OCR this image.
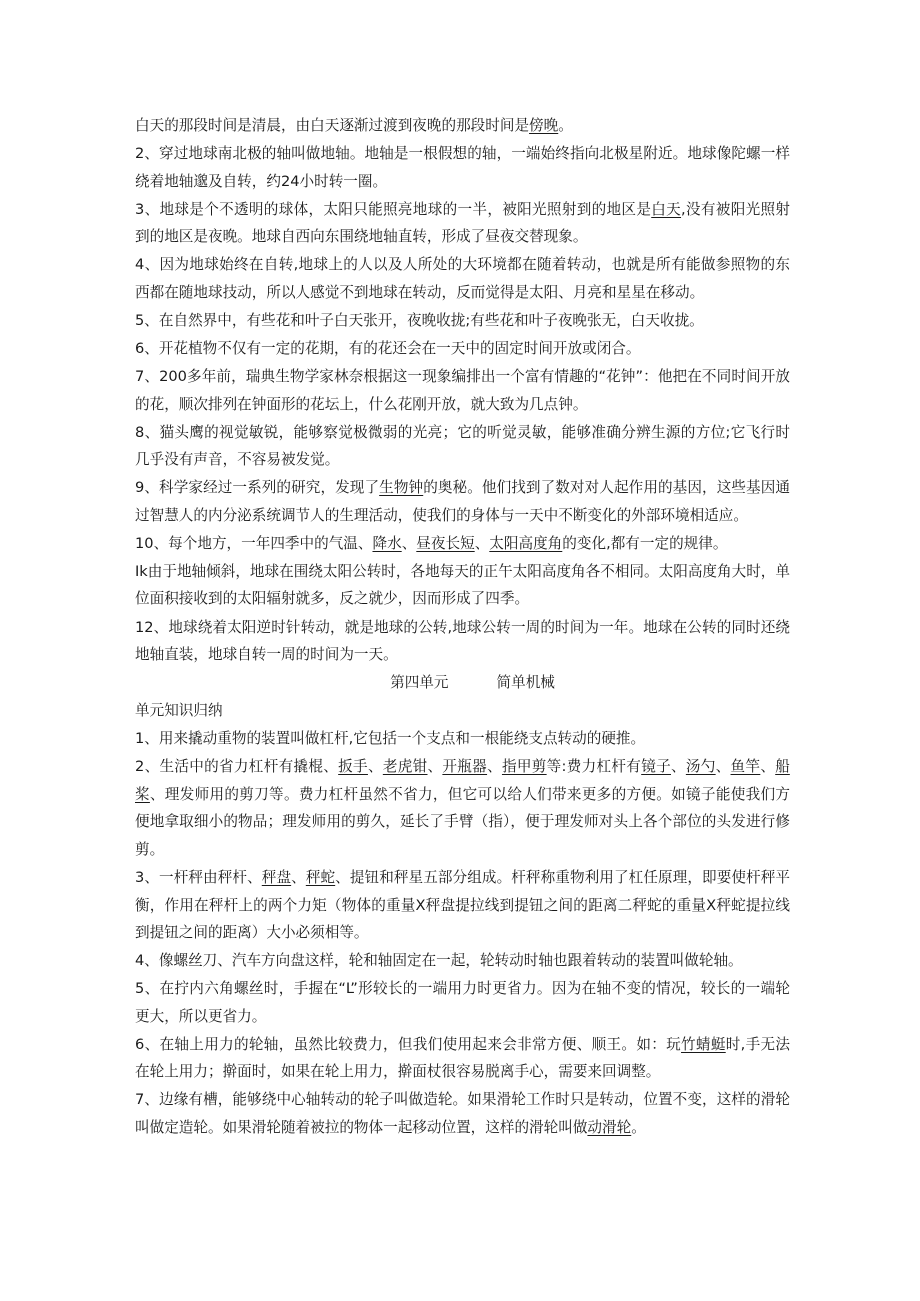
白天的那段时间是清晨，由白天逐渐过渡到夜晚的那段时间是傍晚。

2、穿过地球南北极的轴叫做地轴。地轴是一根假想的轴，一端始终指向北极星附近。地球像陀螺一样绕着地轴邈及自转，约24小时转一圈。

3、地球是个不透明的球体，太阳只能照亮地球的一半，被阳光照射到的地区是白天,没有被阳光照射到的地区是夜晚。地球自西向东围绕地轴直转，形成了昼夜交替现象。

4、因为地球始终在自转,地球上的人以及人所处的大环境都在随着转动，也就是所有能做参照物的东西都在随地球技动，所以人感觉不到地球在转动，反而觉得是太阳、月亮和星星在移动。

5、在自然界中，有些花和叶子白天张开，夜晚收拢;有些花和叶子夜晚张无，白天收拢。

6、开花植物不仅有一定的花期，有的花还会在一天中的固定时间开放或闭合。

7、200多年前，瑞典生物学家林奈根据这一现象编排出一个富有情趣的“花钟”：他把在不同时间开放的花，顺次排列在钟面形的花坛上，什么花刚开放，就大致为几点钟。

8、猫头鹰的视觉敏锐，能够察觉极微弱的光亮；它的听觉灵敏，能够准确分辨生源的方位;它飞行时几乎没有声音，不容易被发觉。

9、科学家经过一系列的研究，发现了生物钟的奥秘。他们找到了数对对人起作用的基因，这些基因通过智慧人的内分泌系统调节人的生理活动，使我们的身体与一天中不断变化的外部环境相适应。

10、每个地方，一年四季中的气温、降水、昼夜长短、太阳高度角的变化,都有一定的规律。

Ik由于地轴倾斜，地球在围绕太阳公转时，各地每天的正午太阳高度角各不相同。太阳高度角大时，单位面积接收到的太阳辐射就多，反之就少，因而形成了四季。

12、地球绕着太阳逆时针转动，就是地球的公转,地球公转一周的时间为一年。地球在公转的同时还绕地轴直装，地球自转一周的时间为一天。

第四单元	简单机械

单元知识归纳

1、用来撬动重物的装置叫做杠杆,它包括一个支点和一根能绕支点转动的硬推。

2、生活中的省力杠杆有撬棍、扳手、老虎钳、开瓶器、指甲剪等:费力杠杆有镜子、汤勺、鱼竿、船桨、理发师用的剪刀等。费力杠杆虽然不省力，但它可以给人们带来更多的方便。如镜子能使我们方便地拿取细小的物品；理发师用的剪久，延长了手臂（指），便于理发师对头上各个部位的头发进行修剪。

3、一杆秤由秤杆、秤盘、秤蛇、提钮和秤星五部分组成。杆秤称重物利用了杠任原理，即要使杆秤平衡，作用在秤杆上的两个力矩（物体的重量X秤盘提拉线到提钮之间的距离二秤蛇的重量X秤蛇提拉线到提钮之间的距离）大小必须相等。

4、像螺丝刀、汽车方向盘这样，轮和轴固定在一起，轮转动时轴也跟着转动的装置叫做轮轴。

5、在拧内六角螺丝时，手握在“L”形较长的一端用力时更省力。因为在轴不变的情况，较长的一端轮更大，所以更省力。

6、在轴上用力的轮轴，虽然比较费力，但我们使用起来会非常方便、顺王。如：玩竹蜻蜓时,手无法在轮上用力；擀面时，如果在轮上用力，擀面杖很容易脱离手心，需要来回调整。

7、边缘有槽，能够绕中心轴转动的轮子叫做造轮。如果滑轮工作时只是转动，位置不变，这样的滑轮叫做定造轮。如果滑轮随着被拉的物体一起移动位置，这样的滑轮叫做动滑轮。
